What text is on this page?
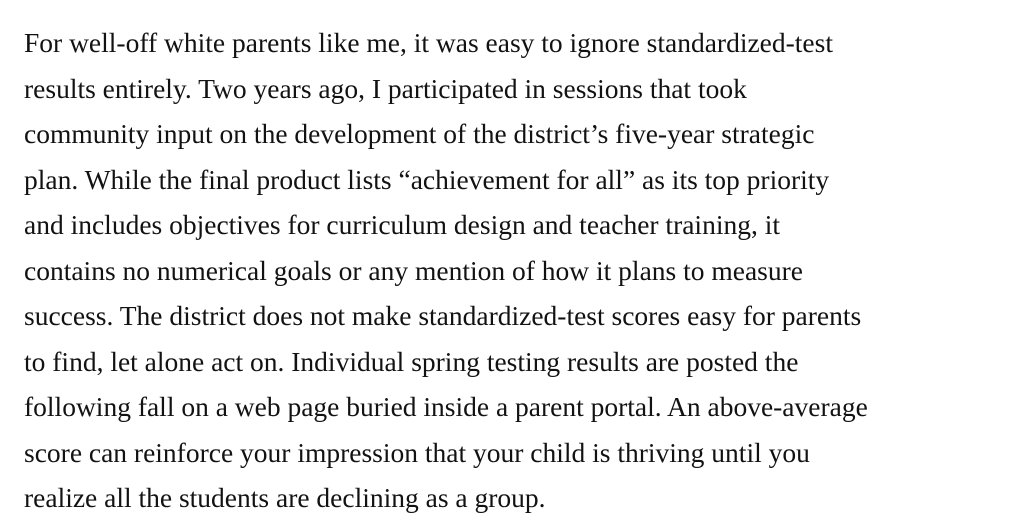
For well-off white parents like me, it was easy to ignore standardized-test
results entirely. Two years ago, I participated in sessions that took
community input on the development of the district’s five-year strategic
plan. While the final product lists “achievement for all” as its top priority
and includes objectives for curriculum design and teacher training, it
contains no numerical goals or any mention of how it plans to measure
success. The district does not make standardized-test scores easy for parents
to find, let alone act on. Individual spring testing results are posted the
following fall on a web page buried inside a parent portal. An above-average
score can reinforce your impression that your child is thriving until you
realize all the students are declining as a group.
